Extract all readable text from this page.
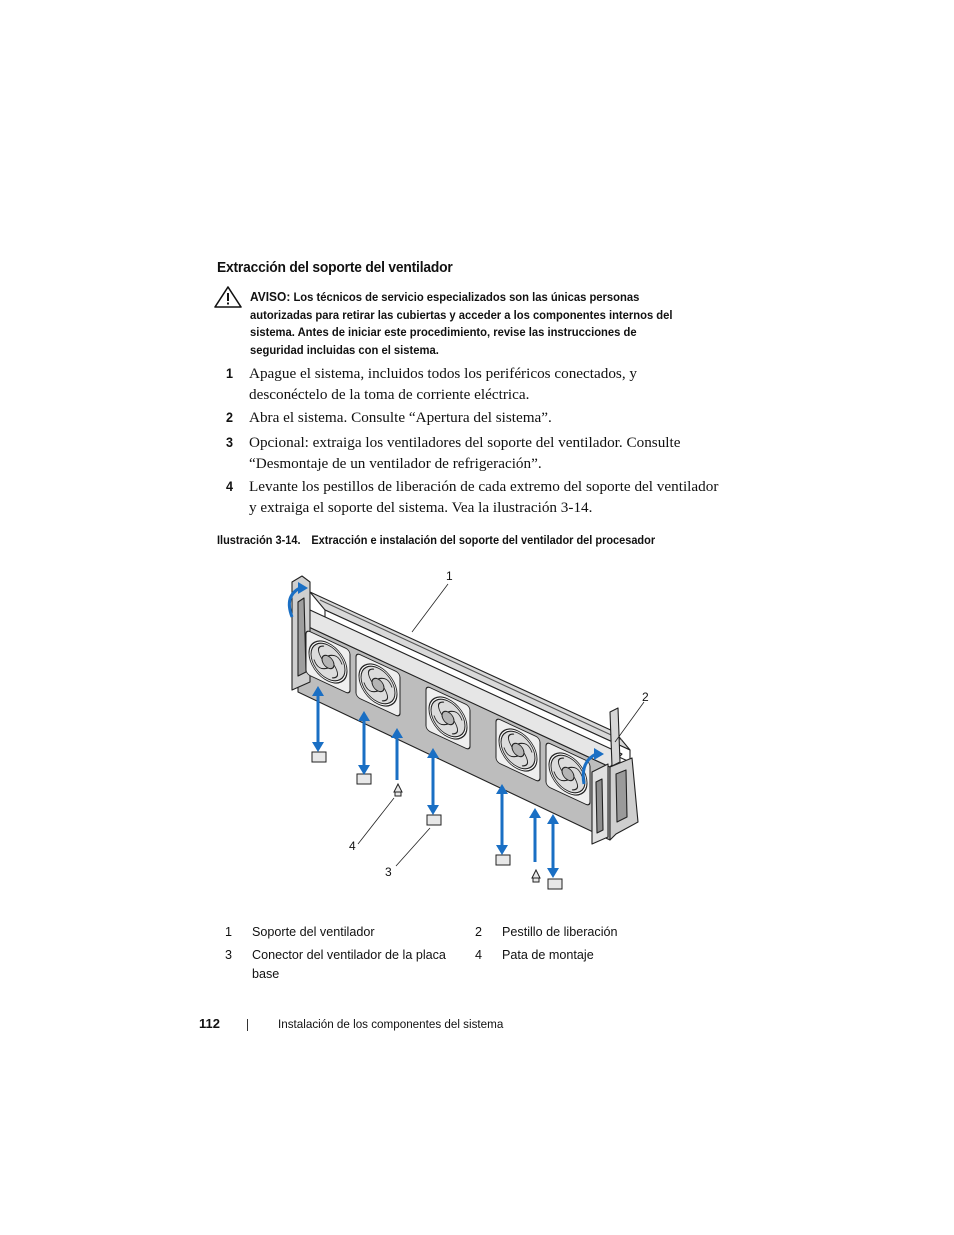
Extracción del soporte del ventilador
AVISO: Los técnicos de servicio especializados son las únicas personas autorizadas para retirar las cubiertas y acceder a los componentes internos del sistema. Antes de iniciar este procedimiento, revise las instrucciones de seguridad incluidas con el sistema.
1 Apague el sistema, incluidos todos los periféricos conectados, y desconéctelo de la toma de corriente eléctrica.
2 Abra el sistema. Consulte “Apertura del sistema”.
3 Opcional: extraiga los ventiladores del soporte del ventilador. Consulte “Desmontaje de un ventilador de refrigeración”.
4 Levante los pestillos de liberación de cada extremo del soporte del ventilador y extraiga el soporte del sistema. Vea la ilustración 3-14.
Ilustración 3-14. Extracción e instalación del soporte del ventilador del procesador
1
2
3
4
1 Soporte del ventilador	2 Pestillo de liberación
3 Conector del ventilador de la placa base
4 Pata de montaje
112	Instalación de los componentes del sistema
